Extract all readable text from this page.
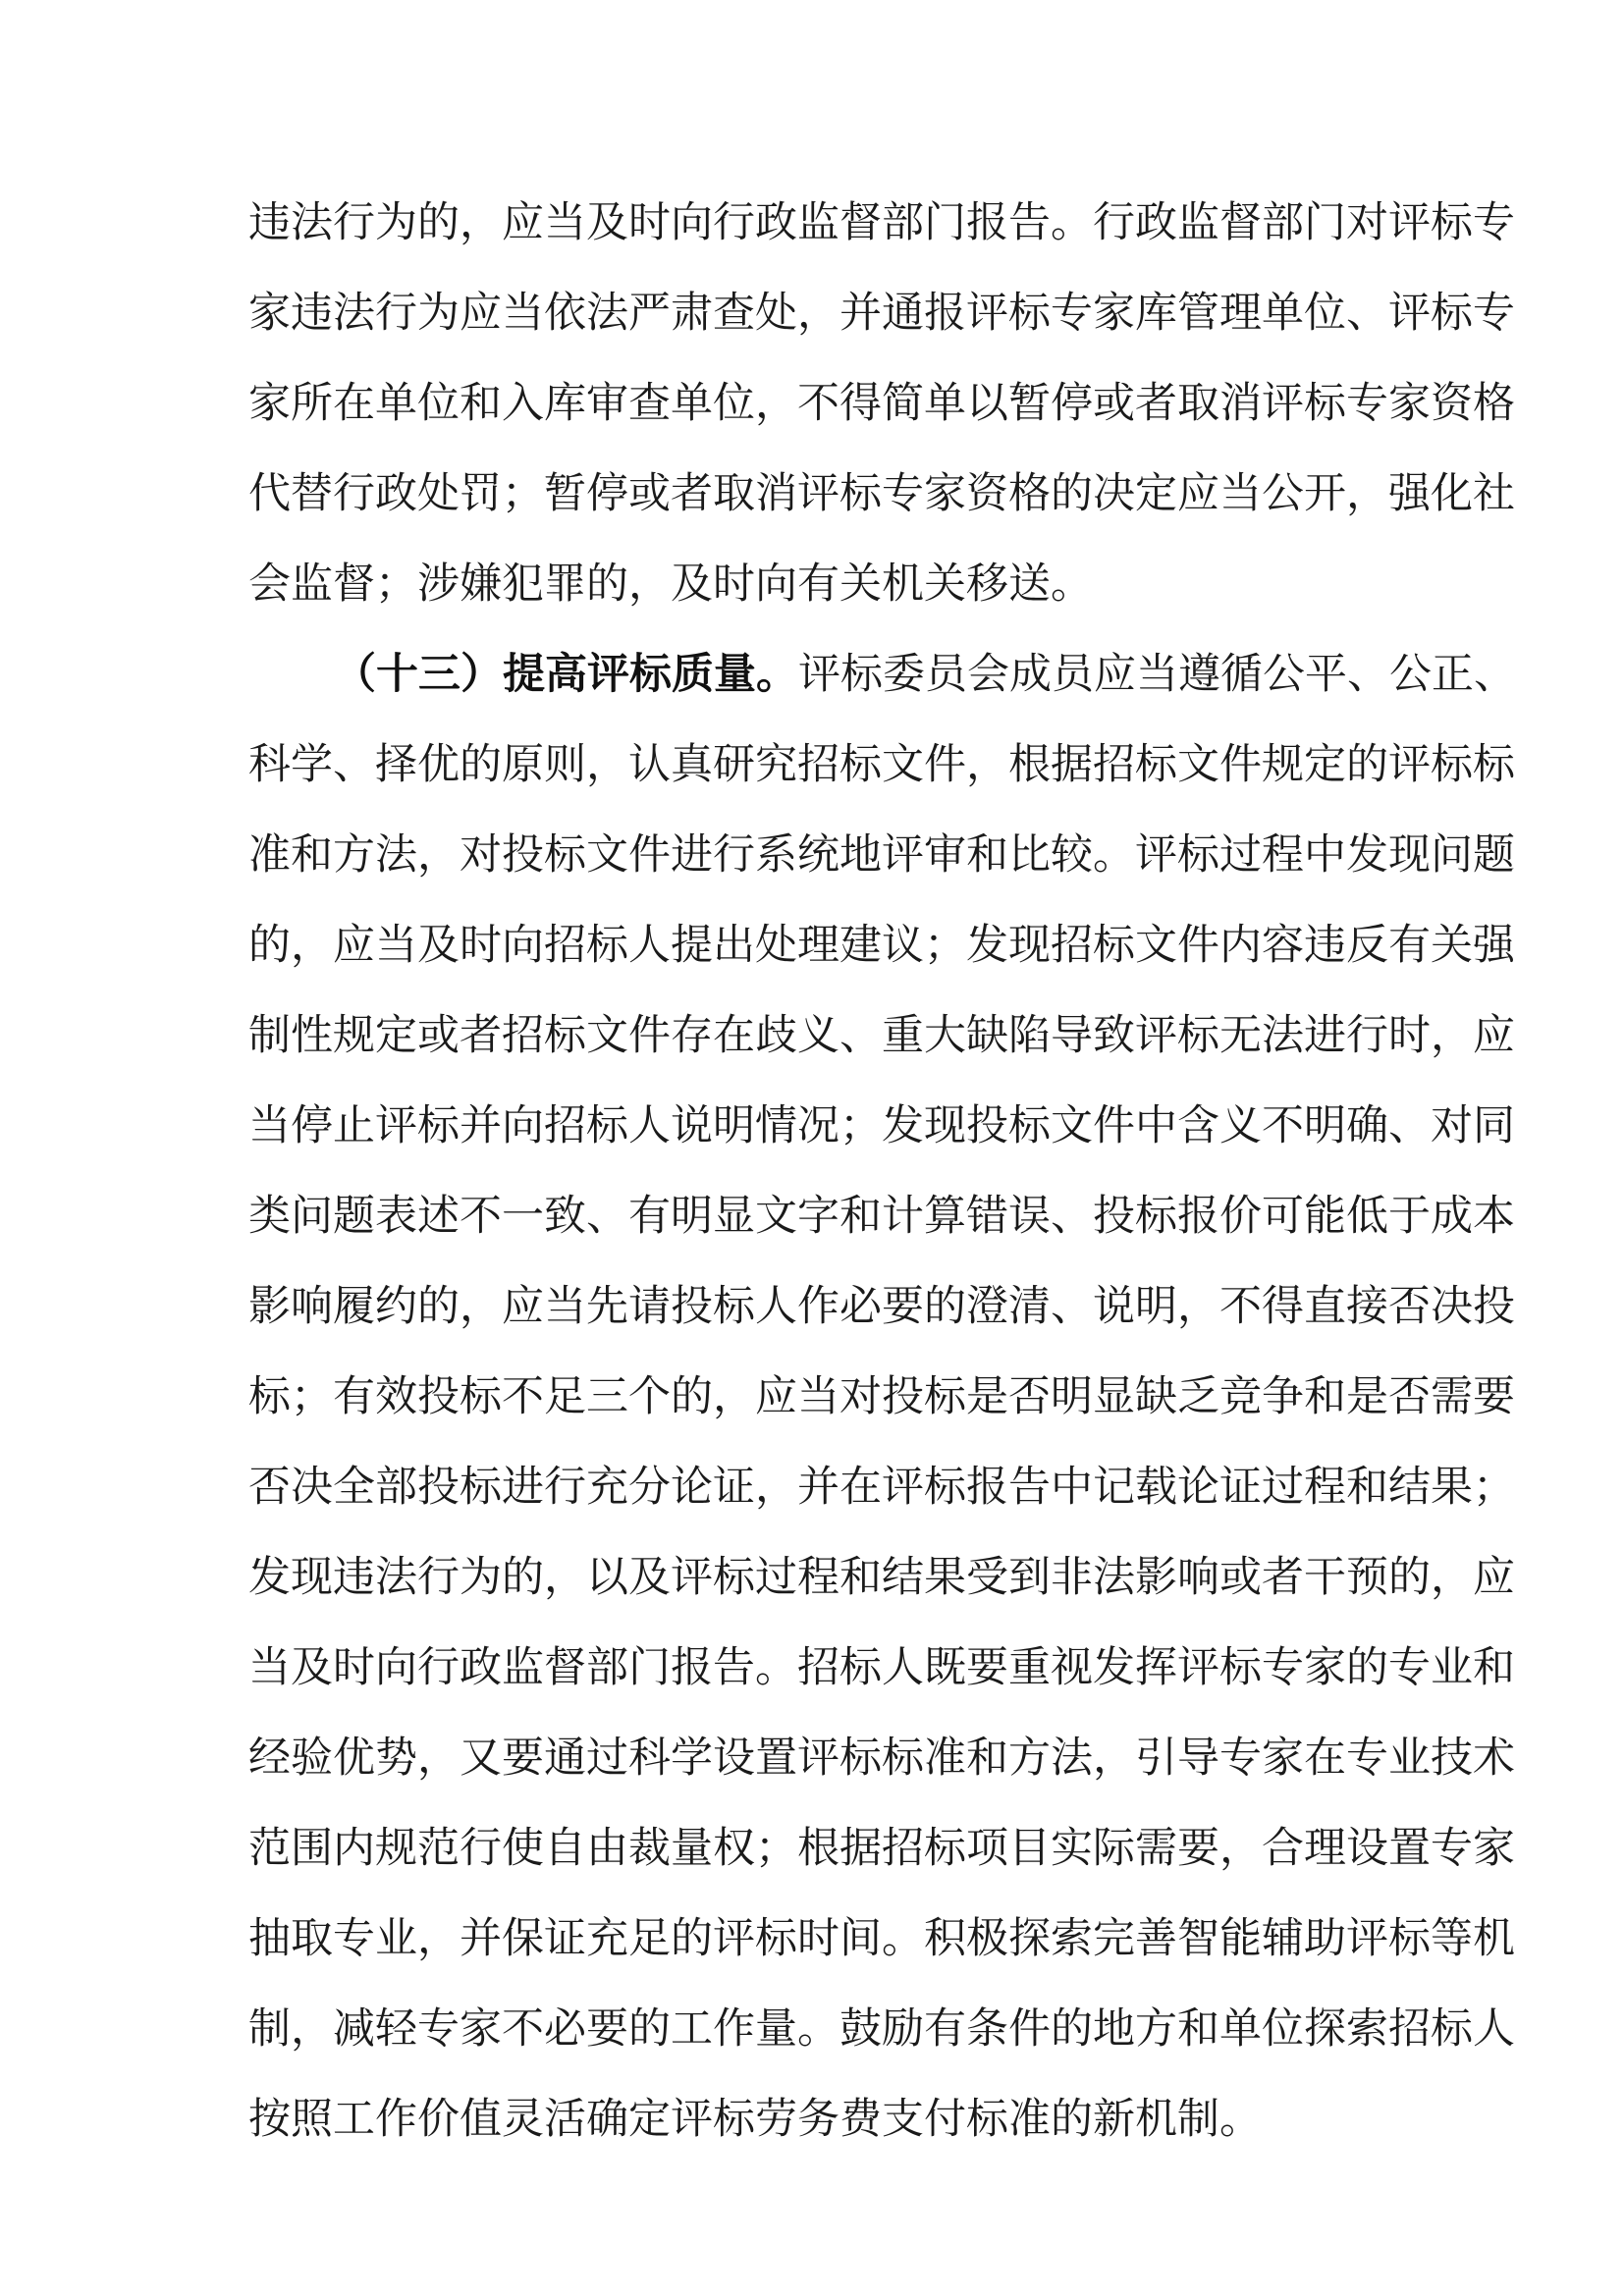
违法行为的，应当及时向行政监督部门报告。行政监督部门对评标专
家违法行为应当依法严肃查处，并通报评标专家库管理单位、评标专
家所在单位和入库审查单位，不得简单以暂停或者取消评标专家资格
代替行政处罚；暂停或者取消评标专家资格的决定应当公开，强化社
会监督；涉嫌犯罪的，及时向有关机关移送。
（十三）提高评标质量。评标委员会成员应当遵循公平、公正、
科学、择优的原则，认真研究招标文件，根据招标文件规定的评标标
准和方法，对投标文件进行系统地评审和比较。评标过程中发现问题
的，应当及时向招标人提出处理建议；发现招标文件内容违反有关强
制性规定或者招标文件存在歧义、重大缺陷导致评标无法进行时，应
当停止评标并向招标人说明情况；发现投标文件中含义不明确、对同
类问题表述不一致、有明显文字和计算错误、投标报价可能低于成本
影响履约的，应当先请投标人作必要的澄清、说明，不得直接否决投
标；有效投标不足三个的，应当对投标是否明显缺乏竞争和是否需要
否决全部投标进行充分论证，并在评标报告中记载论证过程和结果；
发现违法行为的，以及评标过程和结果受到非法影响或者干预的，应
当及时向行政监督部门报告。招标人既要重视发挥评标专家的专业和
经验优势，又要通过科学设置评标标准和方法，引导专家在专业技术
范围内规范行使自由裁量权；根据招标项目实际需要，合理设置专家
抽取专业，并保证充足的评标时间。积极探索完善智能辅助评标等机
制，减轻专家不必要的工作量。鼓励有条件的地方和单位探索招标人
按照工作价值灵活确定评标劳务费支付标准的新机制。
